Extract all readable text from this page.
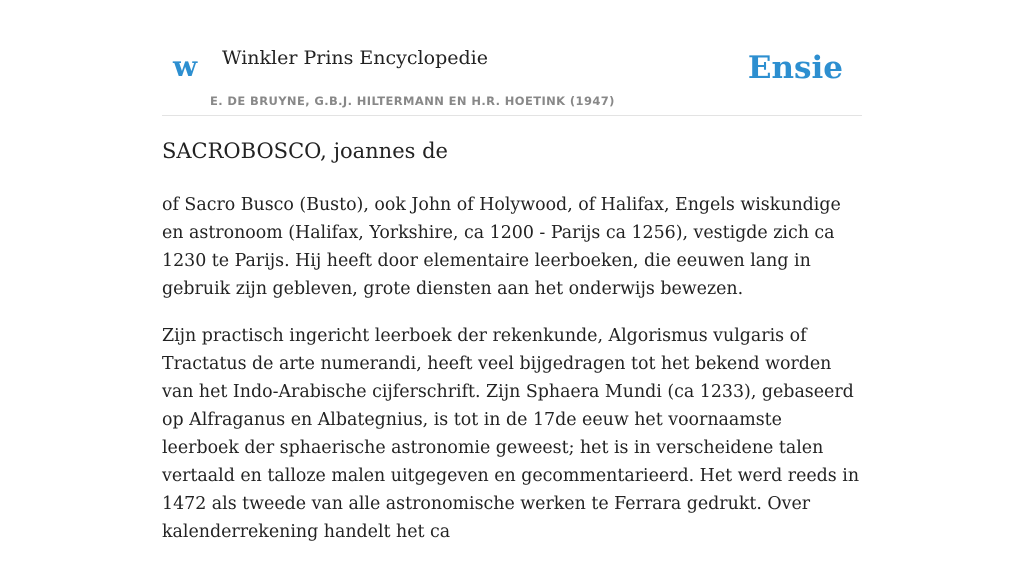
w Winkler Prins Encyclopedie
E. DE BRUYNE, G.B.J. HILTERMANN EN H.R. HOETINK (1947)
Ensie
SACROBOSCO, joannes de

of Sacro Busco (Busto), ook John of Holywood, of Halifax, Engels wiskundige en astronoom (Halifax, Yorkshire, ca 1200 - Parijs ca 1256), vestigde zich ca 1230 te Parijs. Hij heeft door elementaire leerboeken, die eeuwen lang in gebruik zijn gebleven, grote diensten aan het onderwijs bewezen.

Zijn practisch ingericht leerboek der rekenkunde, Algorismus vulgaris of Tractatus de arte numerandi, heeft veel bijgedragen tot het bekend worden van het Indo-Arabische cijferschrift. Zijn Sphaera Mundi (ca 1233), gebaseerd op Alfraganus en Albategnius, is tot in de 17de eeuw het voornaamste leerboek der sphaerische astronomie geweest; het is in verscheidene talen vertaald en talloze malen uitgegeven en gecommentarieerd. Het werd reeds in 1472 als tweede van alle astronomische werken te Ferrara gedrukt. Over kalenderrekening handelt het ca
